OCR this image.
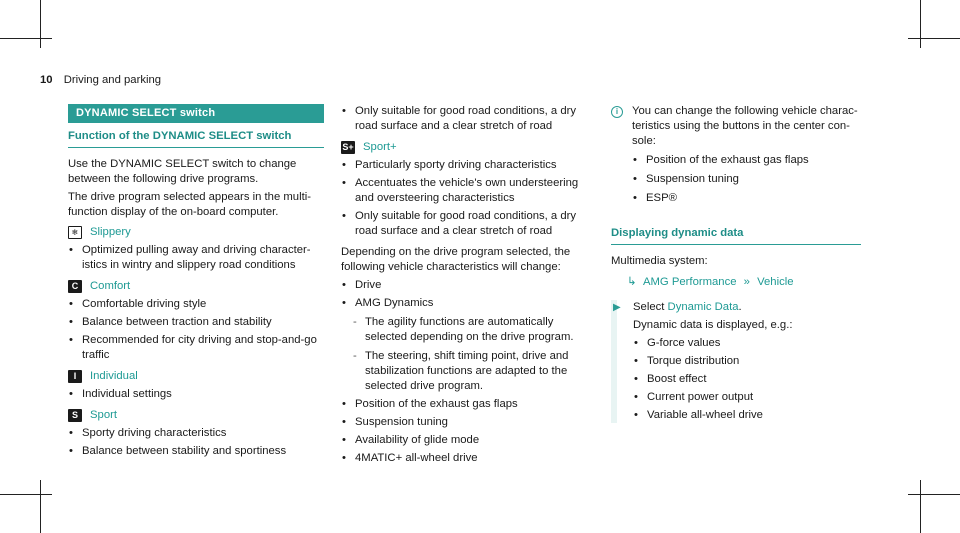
10 Driving and parking
DYNAMIC SELECT switch
Function of the DYNAMIC SELECT switch
Use the DYNAMIC SELECT switch to change between the following drive programs.
The drive program selected appears in the multi-function display of the on-board computer.
❄	Slippery
• Optimized pulling away and driving character-istics in wintry and slippery road conditions
C	Comfort
• Comfortable driving style
• Balance between traction and stability
• Recommended for city driving and stop-and-go traffic
I	Individual
• Individual settings
S	Sport
• Sporty driving characteristics
• Balance between stability and sportiness
• Only suitable for good road conditions, a dry road surface and a clear stretch of road
S+ Sport+
• Particularly sporty driving characteristics
• Accentuates the vehicle's own understeering and oversteering characteristics
• Only suitable for good road conditions, a dry road surface and a clear stretch of road
Depending on the drive program selected, the following vehicle characteristics will change:
• Drive
• AMG Dynamics
- The agility functions are automatically selected depending on the drive program.
- The steering, shift timing point, drive and stabilization functions are adapted to the selected drive program.
• Position of the exhaust gas flaps
• Suspension tuning
• Availability of glide mode
• 4MATIC+ all-wheel drive
i	You can change the following vehicle charac-teristics using the buttons in the center con-sole:
• Position of the exhaust gas flaps
• Suspension tuning
• ESP®
Displaying dynamic data
Multimedia system:
↳ AMG Performance » Vehicle
▶	Select Dynamic Data.
Dynamic data is displayed, e.g.:
• G-force values
• Torque distribution
• Boost effect
• Current power output
• Variable all-wheel drive
